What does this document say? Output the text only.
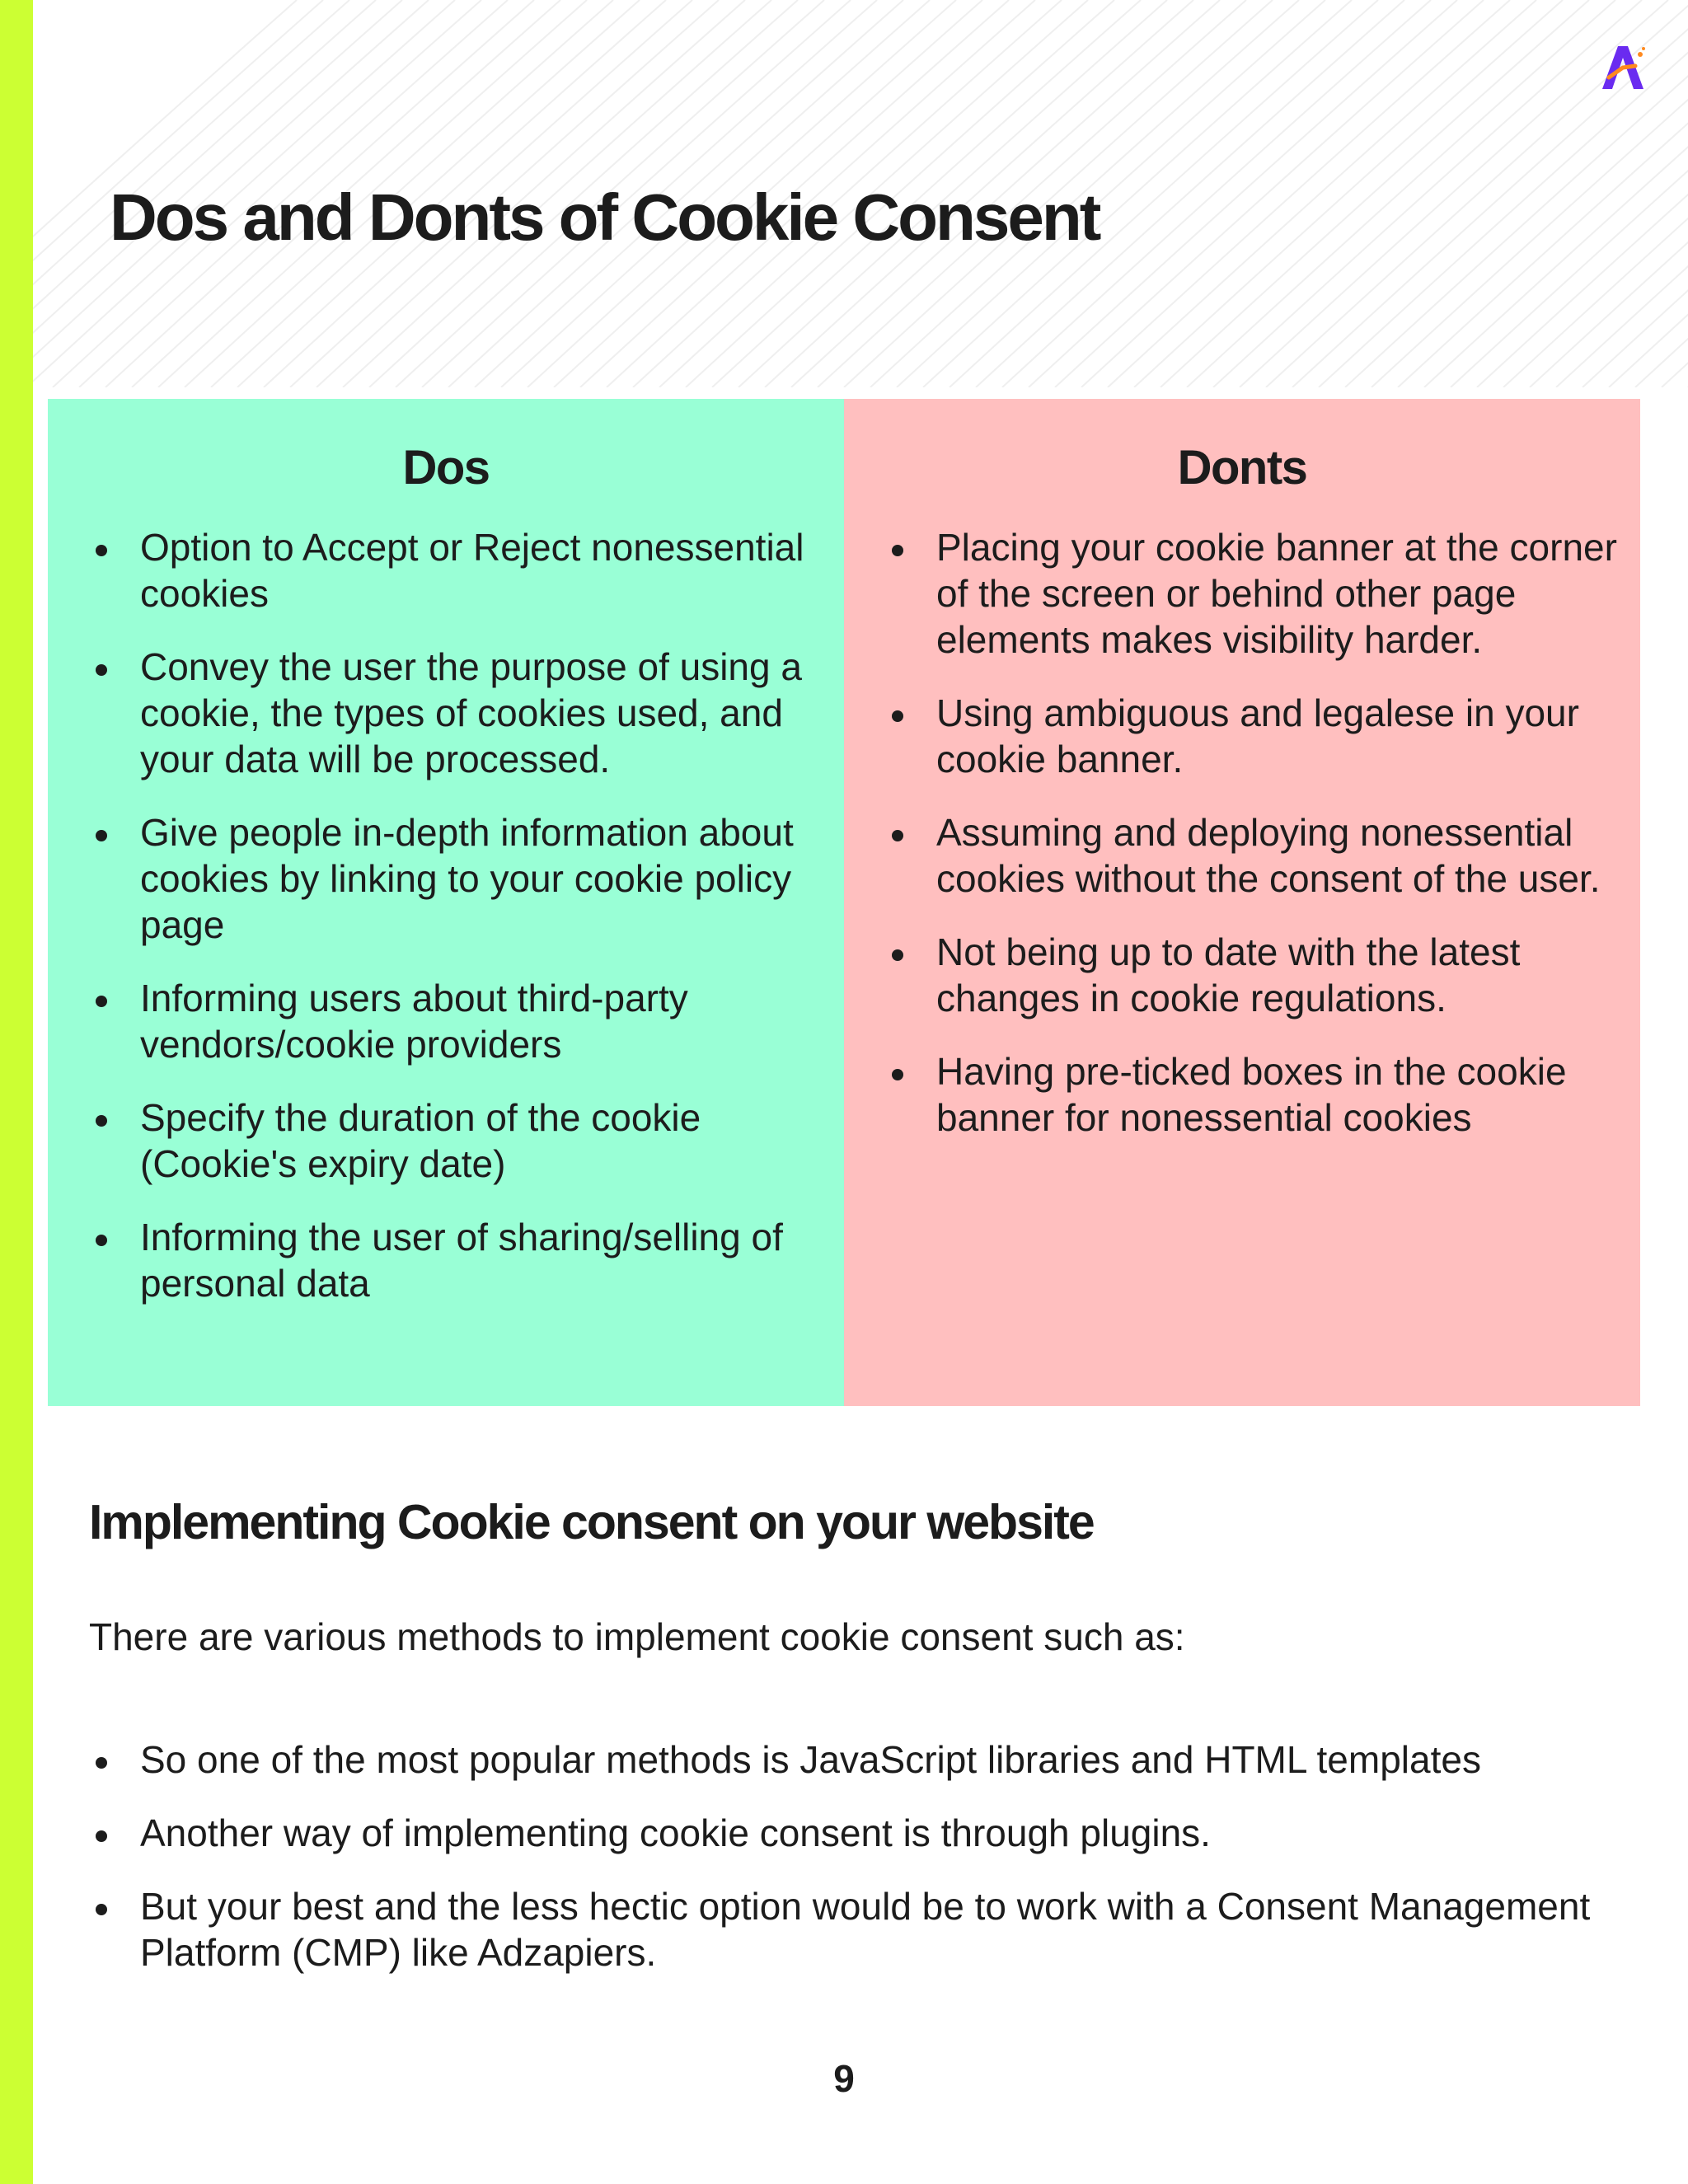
Dos and Donts of Cookie Consent
Dos
Option to Accept or Reject nonessential cookies
Convey the user the purpose of using a cookie, the types of cookies used, and your data will be processed.
Give people in-depth information about cookies by linking to your cookie policy page
Informing users about third-party vendors/cookie providers
Specify the duration of the cookie (Cookie's expiry date)
Informing the user of sharing/selling of personal data
Donts
Placing your cookie banner at the corner of the screen or behind other page elements makes visibility harder.
Using ambiguous and legalese in your cookie banner.
Assuming and deploying nonessential cookies without the consent of the user.
Not being up to date with the latest changes in cookie regulations.
Having pre-ticked boxes in the cookie banner for nonessential cookies
Implementing Cookie consent on your website

There are various methods to implement cookie consent such as:

So one of the most popular methods is JavaScript libraries and HTML templates
Another way of implementing cookie consent is through plugins.
But your best and the less hectic option would be to work with a Consent Management Platform (CMP) like Adzapiers.
9
